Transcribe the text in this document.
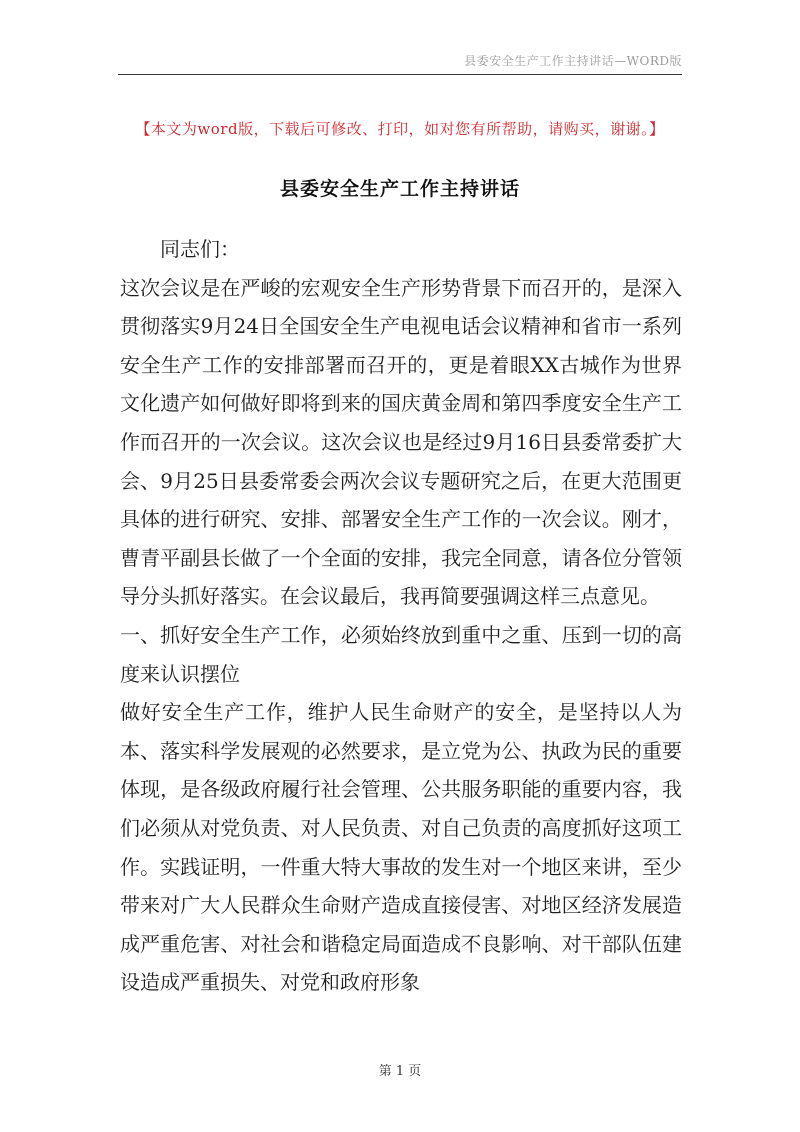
县委安全生产工作主持讲话—WORD版
【本文为word版，下载后可修改、打印，如对您有所帮助，请购买，谢谢。】
县委安全生产工作主持讲话

同志们：

这次会议是在严峻的宏观安全生产形势背景下而召开的，是深入贯彻落实9月24日全国安全生产电视电话会议精神和省市一系列安全生产工作的安排部署而召开的，更是着眼XX古城作为世界文化遗产如何做好即将到来的国庆黄金周和第四季度安全生产工作而召开的一次会议。这次会议也是经过9月16日县委常委扩大会、9月25日县委常委会两次会议专题研究之后，在更大范围更具体的进行研究、安排、部署安全生产工作的一次会议。刚才，曹青平副县长做了一个全面的安排，我完全同意，请各位分管领导分头抓好落实。在会议最后，我再简要强调这样三点意见。

一、抓好安全生产工作，必须始终放到重中之重、压到一切的高度来认识摆位

做好安全生产工作，维护人民生命财产的安全，是坚持以人为本、落实科学发展观的必然要求，是立党为公、执政为民的重要体现，是各级政府履行社会管理、公共服务职能的重要内容，我们必须从对党负责、对人民负责、对自己负责的高度抓好这项工作。实践证明，一件重大特大事故的发生对一个地区来讲，至少带来对广大人民群众生命财产造成直接侵害、对地区经济发展造成严重危害、对社会和谐稳定局面造成不良影响、对干部队伍建设造成严重损失、对党和政府形象

第 1 页
